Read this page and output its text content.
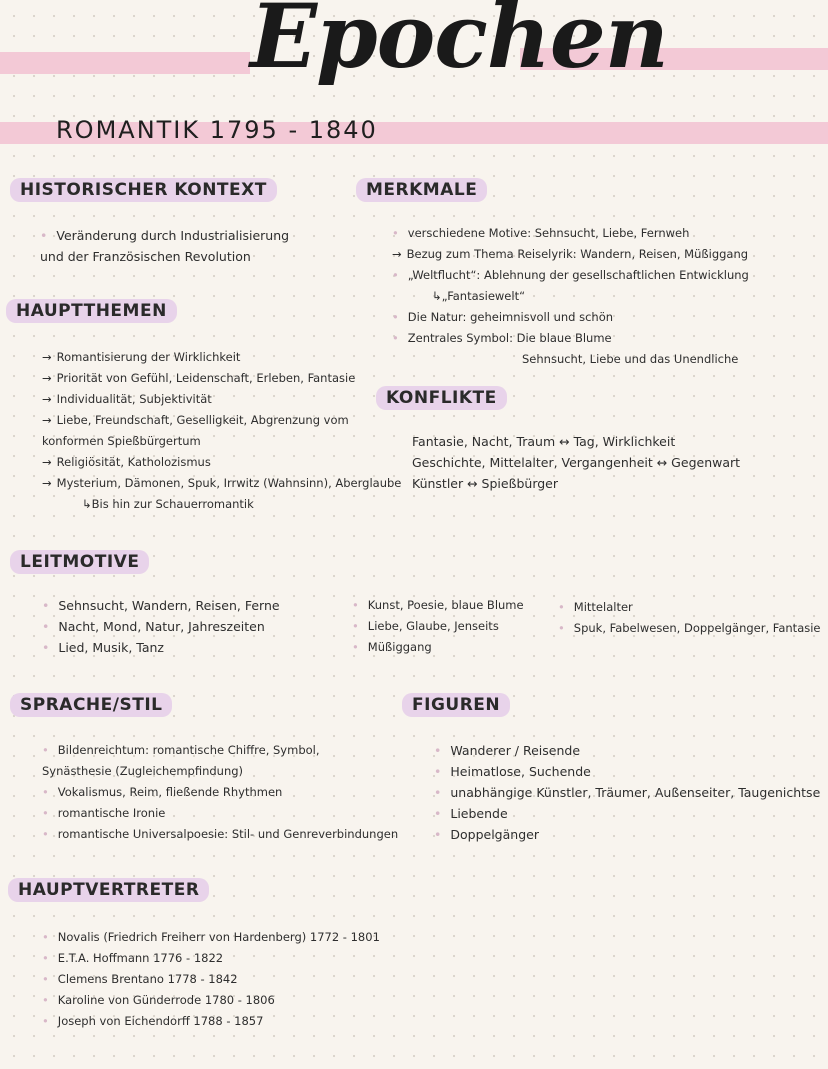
Epochen
ROMANTIK 1795 - 1840
HISTORISCHER KONTEXT
• Veränderung durch Industrialisierung
und der Französischen Revolution
HAUPTTHEMEN
→ Romantisierung der Wirklichkeit
→ Priorität von Gefühl, Leidenschaft, Erleben, Fantasie
→ Individualität, Subjektivität
→ Liebe, Freundschaft, Geselligkeit, Abgrenzung vom
konformen Spießbürgertum
→ Religiösität, Katholozismus
→ Mysterium, Dämonen, Spuk, Irrwitz (Wahnsinn), Aberglaube
↳ Bis hin zur Schauerromantik
MERKMALE
• verschiedene Motive: Sehnsucht, Liebe, Fernweh
→ Bezug zum Thema Reiselyrik: Wandern, Reisen, Müßiggang
• „Weltflucht“: Ablehnung der gesellschaftlichen Entwicklung
↳ „Fantasiewelt“
• Die Natur: geheimnisvoll und schön
• Zentrales Symbol: Die blaue Blume
Sehnsucht, Liebe und das Unendliche
KONFLIKTE
Fantasie, Nacht, Traum ↔ Tag, Wirklichkeit
Geschichte, Mittelalter, Vergangenheit ↔ Gegenwart
Künstler ↔ Spießbürger
LEITMOTIVE
• Sehnsucht, Wandern, Reisen, Ferne
• Nacht, Mond, Natur, Jahreszeiten
• Lied, Musik, Tanz
• Kunst, Poesie, blaue Blume
• Liebe, Glaube, Jenseits
• Müßiggang
• Mittelalter
• Spuk, Fabelwesen, Doppelgänger, Fantasie
SPRACHE/STIL
• Bildenreichtum: romantische Chiffre, Symbol,
Synästhesie (Zugleichempfindung)
• Vokalismus, Reim, fließende Rhythmen
• romantische Ironie
• romantische Universalpoesie: Stil- und Genreverbindungen
FIGUREN
• Wanderer / Reisende
• Heimatlose, Suchende
• unabhängige Künstler, Träumer, Außenseiter, Taugenichtse
• Liebende
• Doppelgänger
HAUPTVERTRETER
• Novalis (Friedrich Freiherr von Hardenberg) 1772 - 1801
• E.T.A. Hoffmann 1776 - 1822
• Clemens Brentano 1778 - 1842
• Karoline von Günderrode 1780 - 1806
• Joseph von Eichendorff 1788 - 1857
